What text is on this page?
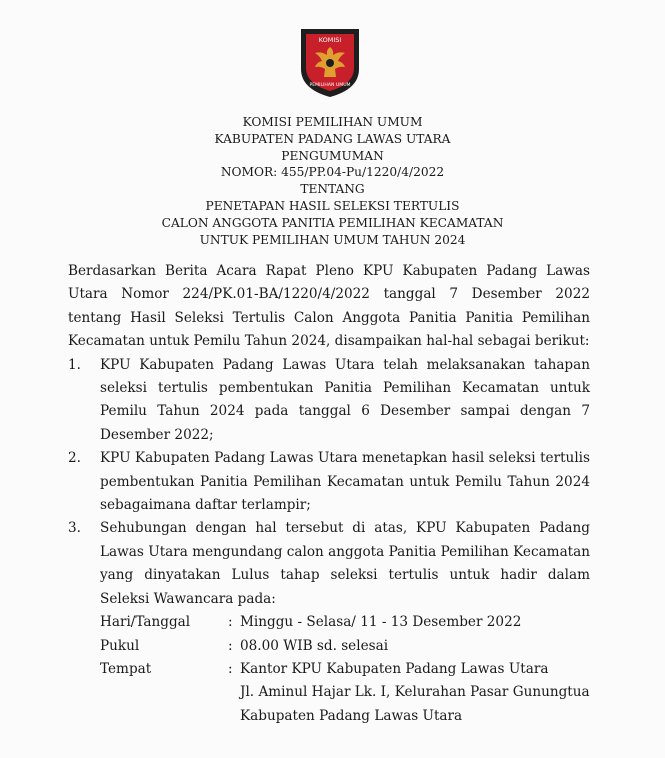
KOMISI
PEMILIHAN UMUM
KOMISI PEMILIHAN UMUM
KABUPATEN PADANG LAWAS UTARA
PENGUMUMAN
NOMOR: 455/PP.04-Pu/1220/4/2022
TENTANG
PENETAPAN HASIL SELEKSI TERTULIS
CALON ANGGOTA PANITIA PEMILIHAN KECAMATAN
UNTUK PEMILIHAN UMUM TAHUN 2024
Berdasarkan Berita Acara Rapat Pleno KPU Kabupaten Padang Lawas Utara Nomor 224/PK.01-BA/1220/4/2022 tanggal 7 Desember 2022 tentang Hasil Seleksi Tertulis Calon Anggota Panitia Panitia Pemilihan Kecamatan untuk Pemilu Tahun 2024, disampaikan hal-hal sebagai berikut:
1.	KPU Kabupaten Padang Lawas Utara telah melaksanakan tahapan seleksi tertulis pembentukan Panitia Pemilihan Kecamatan untuk Pemilu Tahun 2024 pada tanggal 6 Desember sampai dengan 7 Desember 2022;
2.	KPU Kabupaten Padang Lawas Utara menetapkan hasil seleksi tertulis pembentukan Panitia Pemilihan Kecamatan untuk Pemilu Tahun 2024 sebagaimana daftar terlampir;
3.	Sehubungan dengan hal tersebut di atas, KPU Kabupaten Padang Lawas Utara mengundang calon anggota Panitia Pemilihan Kecamatan yang dinyatakan Lulus tahap seleksi tertulis untuk hadir dalam Seleksi Wawancara pada:
Hari/Tanggal	: Minggu - Selasa/ 11 - 13 Desember 2022
Pukul	: 08.00 WIB sd. selesai
Tempat	: Kantor KPU Kabupaten Padang Lawas Utara
Jl. Aminul Hajar Lk. I, Kelurahan Pasar Gunungtua
Kabupaten Padang Lawas Utara
